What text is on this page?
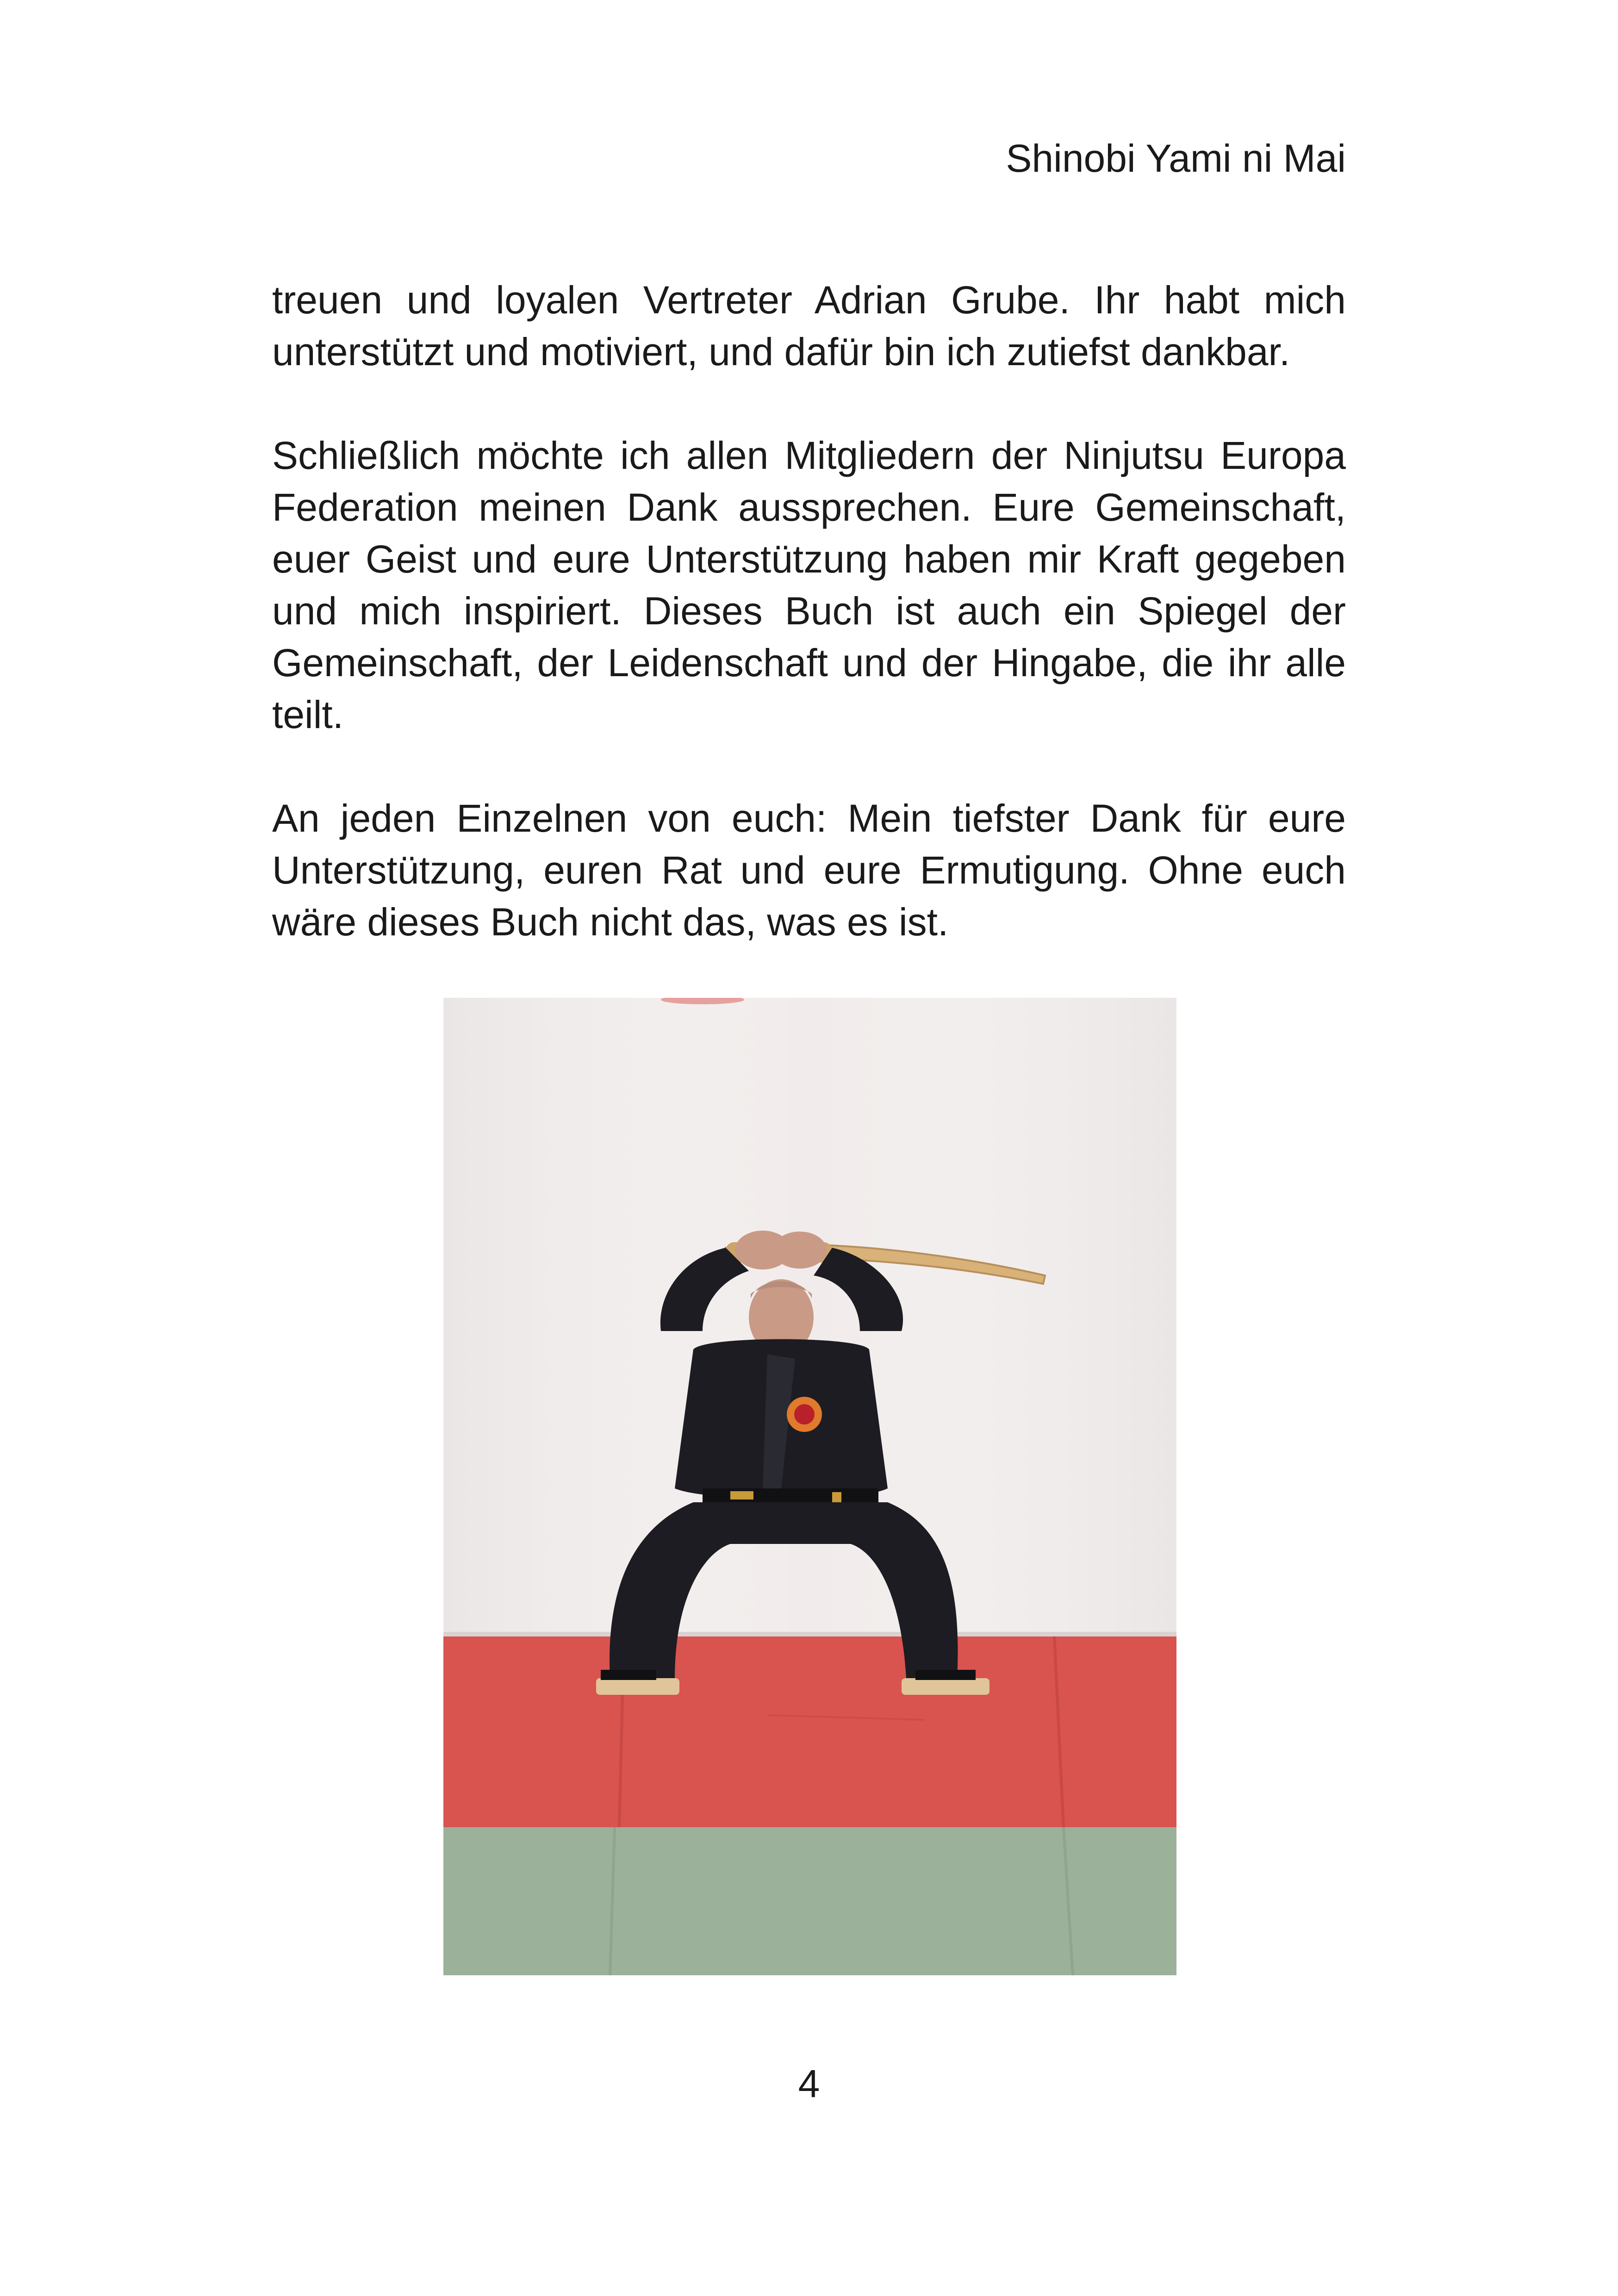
Shinobi Yami ni Mai

treuen und loyalen Vertreter Adrian Grube. Ihr habt mich unterstützt und motiviert, und dafür bin ich zutiefst dankbar.

Schließlich möchte ich allen Mitgliedern der Ninjutsu Europa Federation meinen Dank aussprechen. Eure Gemeinschaft, euer Geist und eure Unterstützung haben mir Kraft gegeben und mich inspiriert. Dieses Buch ist auch ein Spiegel der Gemeinschaft, der Leidenschaft und der Hingabe, die ihr alle teilt.

An jeden Einzelnen von euch: Mein tiefster Dank für eure Unterstützung, euren Rat und eure Ermutigung. Ohne euch wäre dieses Buch nicht das, was es ist.

4
